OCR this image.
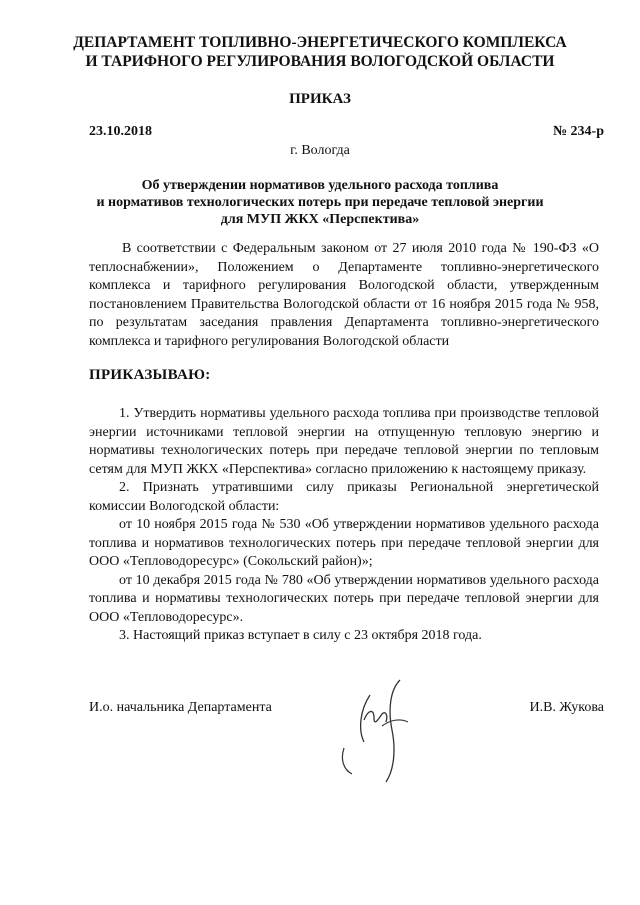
ДЕПАРТАМЕНТ ТОПЛИВНО-ЭНЕРГЕТИЧЕСКОГО КОМПЛЕКСА
И ТАРИФНОГО РЕГУЛИРОВАНИЯ ВОЛОГОДСКОЙ ОБЛАСТИ
ПРИКАЗ
23.10.2018	№ 234-р
г. Вологда
Об утверждении нормативов удельного расхода топлива
и нормативов технологических потерь при передаче тепловой энергии
для МУП ЖКХ «Перспектива»

В соответствии с Федеральным законом от 27 июля 2010 года № 190-ФЗ «О теплоснабжении», Положением о Департаменте топливно-энергетического комплекса и тарифного регулирования Вологодской области, утвержденным постановлением Правительства Вологодской области от 16 ноября 2015 года № 958, по результатам заседания правления Департамента топливно-энергетического комплекса и тарифного регулирования Вологодской области

ПРИКАЗЫВАЮ:

1. Утвердить нормативы удельного расхода топлива при производстве тепловой энергии источниками тепловой энергии на отпущенную тепловую энергию и нормативы технологических потерь при передаче тепловой энергии по тепловым сетям для МУП ЖКХ «Перспектива» согласно приложению к настоящему приказу.

2. Признать утратившими силу приказы Региональной энергетической комиссии Вологодской области:

от 10 ноября 2015 года № 530 «Об утверждении нормативов удельного расхода топлива и нормативов технологических потерь при передаче тепловой энергии для ООО «Тепловодоресурс» (Сокольский район)»;

от 10 декабря 2015 года № 780 «Об утверждении нормативов удельного расхода топлива и нормативы технологических потерь при передаче тепловой энергии для ООО «Тепловодоресурс».

3. Настоящий приказ вступает в силу с 23 октября 2018 года.

И.о. начальника Департамента	И.В. Жукова
